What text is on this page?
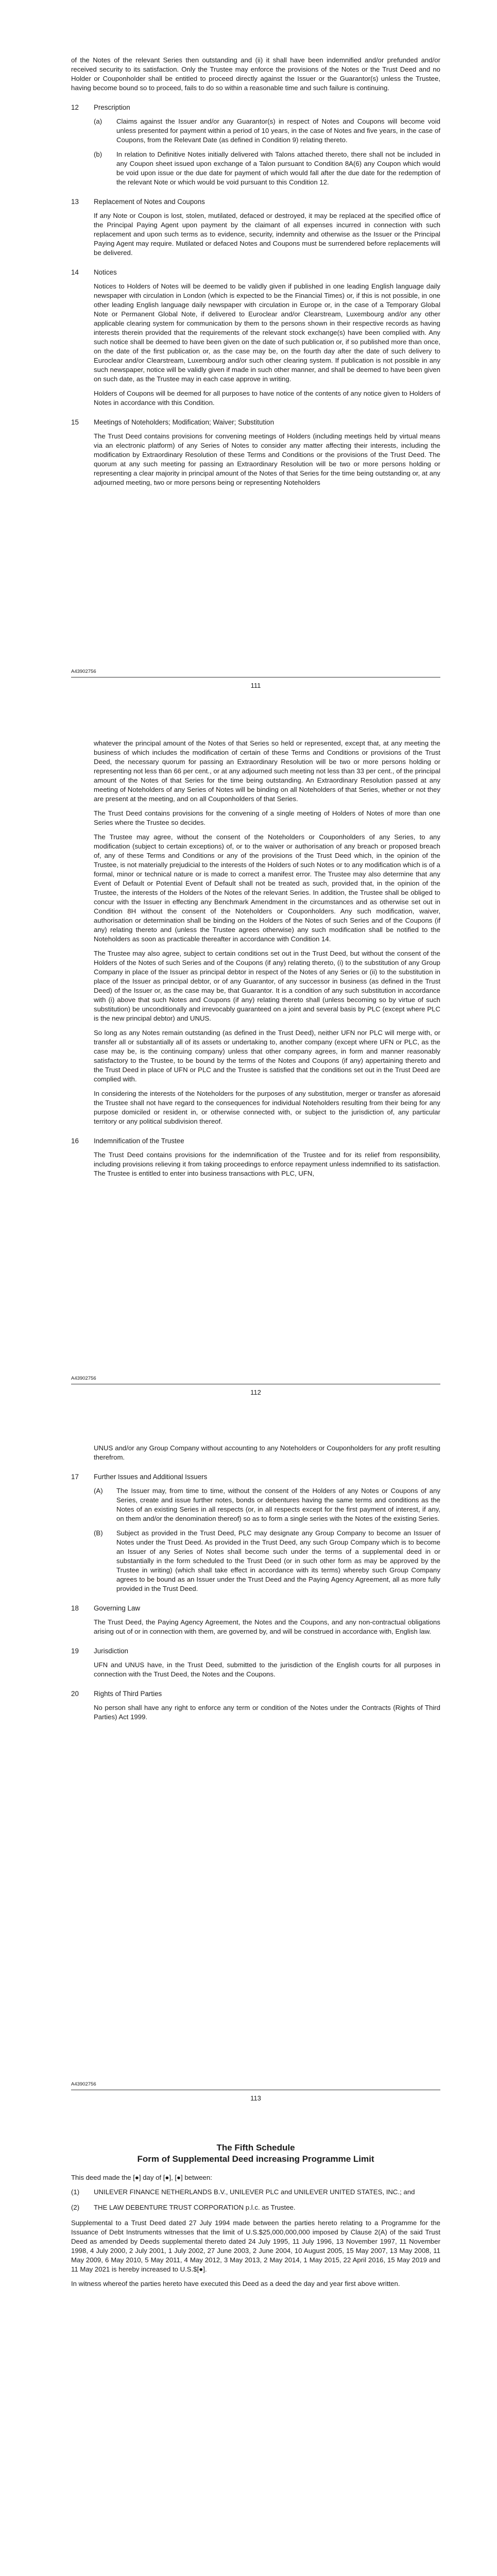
of the Notes of the relevant Series then outstanding and (ii) it shall have been indemnified and/or prefunded and/or received security to its satisfaction. Only the Trustee may enforce the provisions of the Notes or the Trust Deed and no Holder or Couponholder shall be entitled to proceed directly against the Issuer or the Guarantor(s) unless the Trustee, having become bound so to proceed, fails to do so within a reasonable time and such failure is continuing.

12	Prescription
(a)	Claims against the Issuer and/or any Guarantor(s) in respect of Notes and Coupons will become void unless presented for payment within a period of 10 years, in the case of Notes and five years, in the case of Coupons, from the Relevant Date (as defined in Condition 9) relating thereto.

(b)	In relation to Definitive Notes initially delivered with Talons attached thereto, there shall not be included in any Coupon sheet issued upon exchange of a Talon pursuant to Condition 8A(6) any Coupon which would be void upon issue or the due date for payment of which would fall after the due date for the redemption of the relevant Note or which would be void pursuant to this Condition 12.

13	Replacement of Notes and Coupons

If any Note or Coupon is lost, stolen, mutilated, defaced or destroyed, it may be replaced at the specified office of the Principal Paying Agent upon payment by the claimant of all expenses incurred in connection with such replacement and upon such terms as to evidence, security, indemnity and otherwise as the Issuer or the Principal Paying Agent may require. Mutilated or defaced Notes and Coupons must be surrendered before replacements will be delivered.

14	Notices

Notices to Holders of Notes will be deemed to be validly given if published in one leading English language daily newspaper with circulation in London (which is expected to be the Financial Times) or, if this is not possible, in one other leading English language daily newspaper with circulation in Europe or, in the case of a Temporary Global Note or Permanent Global Note, if delivered to Euroclear and/or Clearstream, Luxembourg and/or any other applicable clearing system for communication by them to the persons shown in their respective records as having interests therein provided that the requirements of the relevant stock exchange(s) have been complied with. Any such notice shall be deemed to have been given on the date of such publication or, if so published more than once, on the date of the first publication or, as the case may be, on the fourth day after the date of such delivery to Euroclear and/or Clearstream, Luxembourg and/or such other clearing system. If publication is not possible in any such newspaper, notice will be validly given if made in such other manner, and shall be deemed to have been given on such date, as the Trustee may in each case approve in writing.

Holders of Coupons will be deemed for all purposes to have notice of the contents of any notice given to Holders of Notes in accordance with this Condition.

15	Meetings of Noteholders; Modification; Waiver; Substitution

The Trust Deed contains provisions for convening meetings of Holders (including meetings held by virtual means via an electronic platform) of any Series of Notes to consider any matter affecting their interests, including the modification by Extraordinary Resolution of these Terms and Conditions or the provisions of the Trust Deed. The quorum at any such meeting for passing an Extraordinary Resolution will be two or more persons holding or representing a clear majority in principal amount of the Notes of that Series for the time being outstanding or, at any adjourned meeting, two or more persons being or representing Noteholders

A43902756
111

whatever the principal amount of the Notes of that Series so held or represented, except that, at any meeting the business of which includes the modification of certain of these Terms and Conditions or provisions of the Trust Deed, the necessary quorum for passing an Extraordinary Resolution will be two or more persons holding or representing not less than 66 per cent., or at any adjourned such meeting not less than 33 per cent., of the principal amount of the Notes of that Series for the time being outstanding. An Extraordinary Resolution passed at any meeting of Noteholders of any Series of Notes will be binding on all Noteholders of that Series, whether or not they are present at the meeting, and on all Couponholders of that Series.

The Trust Deed contains provisions for the convening of a single meeting of Holders of Notes of more than one Series where the Trustee so decides.

The Trustee may agree, without the consent of the Noteholders or Couponholders of any Series, to any modification (subject to certain exceptions) of, or to the waiver or authorisation of any breach or proposed breach of, any of these Terms and Conditions or any of the provisions of the Trust Deed which, in the opinion of the Trustee, is not materially prejudicial to the interests of the Holders of such Notes or to any modification which is of a formal, minor or technical nature or is made to correct a manifest error. The Trustee may also determine that any Event of Default or Potential Event of Default shall not be treated as such, provided that, in the opinion of the Trustee, the interests of the Holders of the Notes of the relevant Series. In addition, the Trustee shall be obliged to concur with the Issuer in effecting any Benchmark Amendment in the circumstances and as otherwise set out in Condition 8H without the consent of the Noteholders or Couponholders. Any such modification, waiver, authorisation or determination shall be binding on the Holders of the Notes of such Series and of the Coupons (if any) relating thereto and (unless the Trustee agrees otherwise) any such modification shall be notified to the Noteholders as soon as practicable thereafter in accordance with Condition 14.

The Trustee may also agree, subject to certain conditions set out in the Trust Deed, but without the consent of the Holders of the Notes of such Series and of the Coupons (if any) relating thereto, (i) to the substitution of any Group Company in place of the Issuer as principal debtor in respect of the Notes of any Series or (ii) to the substitution in place of the Issuer as principal debtor, or of any Guarantor, of any successor in business (as defined in the Trust Deed) of the Issuer or, as the case may be, that Guarantor. It is a condition of any such substitution in accordance with (i) above that such Notes and Coupons (if any) relating thereto shall (unless becoming so by virtue of such substitution) be unconditionally and irrevocably guaranteed on a joint and several basis by PLC (except where PLC is the new principal debtor) and UNUS.

So long as any Notes remain outstanding (as defined in the Trust Deed), neither UFN nor PLC will merge with, or transfer all or substantially all of its assets or undertaking to, another company (except where UFN or PLC, as the case may be, is the continuing company) unless that other company agrees, in form and manner reasonably satisfactory to the Trustee, to be bound by the terms of the Notes and Coupons (if any) appertaining thereto and the Trust Deed in place of UFN or PLC and the Trustee is satisfied that the conditions set out in the Trust Deed are complied with.

In considering the interests of the Noteholders for the purposes of any substitution, merger or transfer as aforesaid the Trustee shall not have regard to the consequences for individual Noteholders resulting from their being for any purpose domiciled or resident in, or otherwise connected with, or subject to the jurisdiction of, any particular territory or any political subdivision thereof.

16	Indemnification of the Trustee

The Trust Deed contains provisions for the indemnification of the Trustee and for its relief from responsibility, including provisions relieving it from taking proceedings to enforce repayment unless indemnified to its satisfaction. The Trustee is entitled to enter into business transactions with PLC, UFN,

A43902756
112

UNUS and/or any Group Company without accounting to any Noteholders or Couponholders for any profit resulting therefrom.

17	Further Issues and Additional Issuers
(A)	The Issuer may, from time to time, without the consent of the Holders of any Notes or Coupons of any Series, create and issue further notes, bonds or debentures having the same terms and conditions as the Notes of an existing Series in all respects (or, in all respects except for the first payment of interest, if any, on them and/or the denomination thereof) so as to form a single series with the Notes of the existing Series.

(B)	Subject as provided in the Trust Deed, PLC may designate any Group Company to become an Issuer of Notes under the Trust Deed. As provided in the Trust Deed, any such Group Company which is to become an Issuer of any Series of Notes shall become such under the terms of a supplemental deed in or substantially in the form scheduled to the Trust Deed (or in such other form as may be approved by the Trustee in writing) (which shall take effect in accordance with its terms) whereby such Group Company agrees to be bound as an Issuer under the Trust Deed and the Paying Agency Agreement, all as more fully provided in the Trust Deed.

18	Governing Law

The Trust Deed, the Paying Agency Agreement, the Notes and the Coupons, and any non-contractual obligations arising out of or in connection with them, are governed by, and will be construed in accordance with, English law.

19	Jurisdiction

UFN and UNUS have, in the Trust Deed, submitted to the jurisdiction of the English courts for all purposes in connection with the Trust Deed, the Notes and the Coupons.

20	Rights of Third Parties

No person shall have any right to enforce any term or condition of the Notes under the Contracts (Rights of Third Parties) Act 1999.

A43902756
113
The Fifth Schedule
Form of Supplemental Deed increasing Programme Limit

This deed made the [●] day of [●], [●] between:

(1)	UNILEVER FINANCE NETHERLANDS B.V., UNILEVER PLC and UNILEVER UNITED STATES, INC.; and

(2)	THE LAW DEBENTURE TRUST CORPORATION p.l.c. as Trustee.

Supplemental to a Trust Deed dated 27 July 1994 made between the parties hereto relating to a Programme for the Issuance of Debt Instruments witnesses that the limit of U.S.$25,000,000,000 imposed by Clause 2(A) of the said Trust Deed as amended by Deeds supplemental thereto dated 24 July 1995, 11 July 1996, 13 November 1997, 11 November 1998, 4 July 2000, 2 July 2001, 1 July 2002, 27 June 2003, 2 June 2004, 10 August 2005, 15 May 2007, 13 May 2008, 11 May 2009, 6 May 2010, 5 May 2011, 4 May 2012, 3 May 2013, 2 May 2014, 1 May 2015, 22 April 2016, 15 May 2019 and 11 May 2021 is hereby increased to U.S.$[●].

In witness whereof the parties hereto have executed this Deed as a deed the day and year first above written.
